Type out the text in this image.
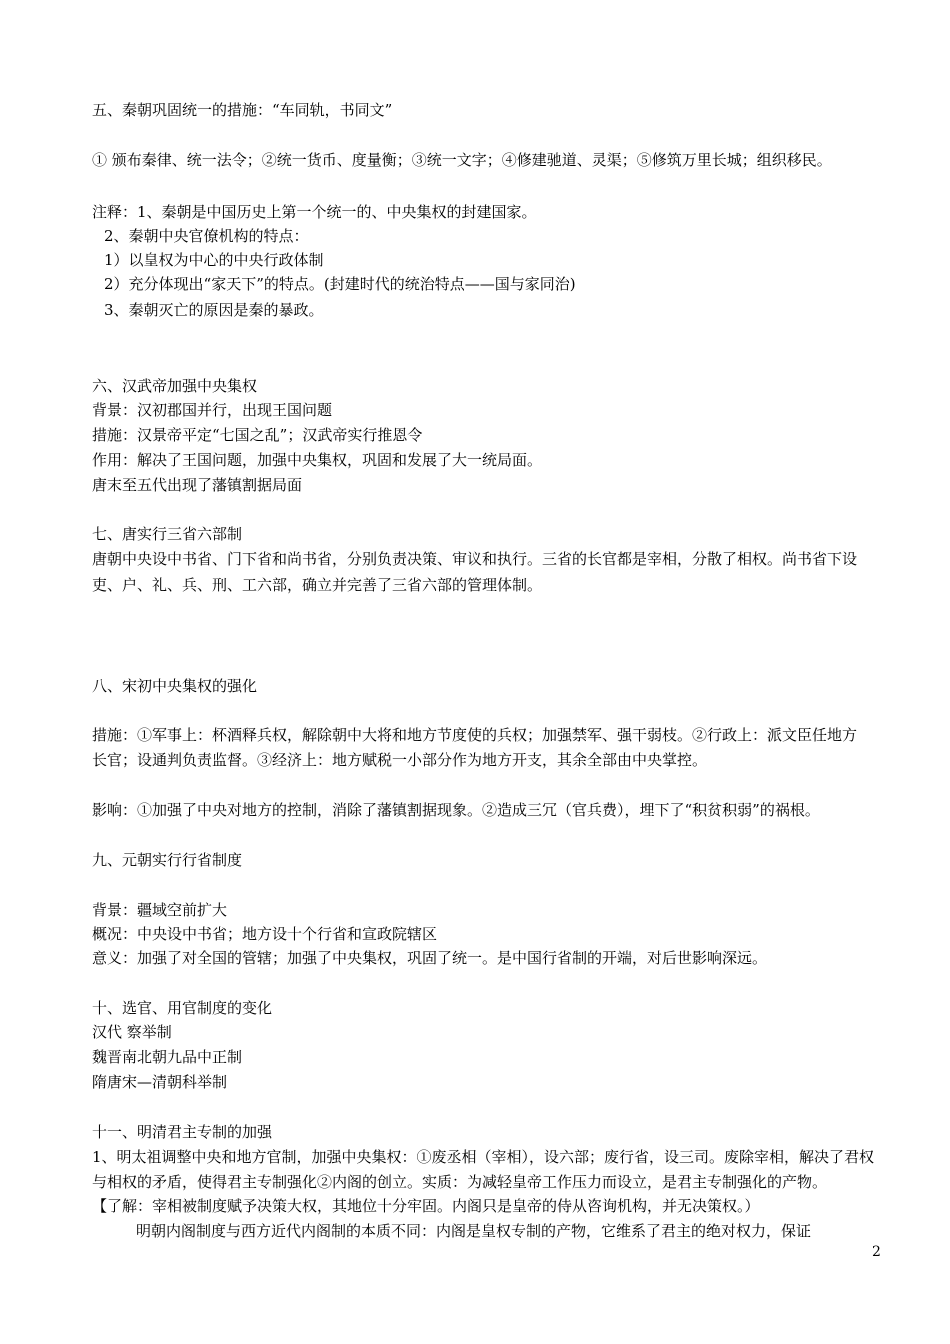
五、秦朝巩固统一的措施：“车同轨，书同文”
① 颁布秦律、统一法令；②统一货币、度量衡；③统一文字；④修建驰道、灵渠；⑤修筑万里长城；组织移民。
注释：1、秦朝是中国历史上第一个统一的、中央集权的封建国家。
2、秦朝中央官僚机构的特点：
1）以皇权为中心的中央行政体制
2）充分体现出“家天下”的特点。(封建时代的统治特点——国与家同治)
3、秦朝灭亡的原因是秦的暴政。
六、汉武帝加强中央集权
背景：汉初郡国并行，出现王国问题
措施：汉景帝平定“七国之乱”；汉武帝实行推恩令
作用：解决了王国问题，加强中央集权，巩固和发展了大一统局面。
唐末至五代出现了藩镇割据局面
七、唐实行三省六部制
唐朝中央设中书省、门下省和尚书省，分别负责决策、审议和执行。三省的长官都是宰相，分散了相权。尚书省下设
吏、户、礼、兵、刑、工六部，确立并完善了三省六部的管理体制。
八、宋初中央集权的强化
措施：①军事上：杯酒释兵权，解除朝中大将和地方节度使的兵权；加强禁军、强干弱枝。②行政上：派文臣任地方
长官；设通判负责监督。③经济上：地方赋税一小部分作为地方开支，其余全部由中央掌控。
影响：①加强了中央对地方的控制，消除了藩镇割据现象。②造成三冗（官兵费），埋下了“积贫积弱”的祸根。
九、元朝实行行省制度
背景：疆域空前扩大
概况：中央设中书省；地方设十个行省和宣政院辖区
意义：加强了对全国的管辖；加强了中央集权，巩固了统一。是中国行省制的开端，对后世影响深远。
十、选官、用官制度的变化
汉代 察举制
魏晋南北朝九品中正制
隋唐宋—清朝科举制
十一、明清君主专制的加强
1、明太祖调整中央和地方官制，加强中央集权：①废丞相（宰相），设六部；废行省，设三司。废除宰相，解决了君权
与相权的矛盾，使得君主专制强化②内阁的创立。实质：为减轻皇帝工作压力而设立，是君主专制强化的产物。
【了解：宰相被制度赋予决策大权，其地位十分牢固。内阁只是皇帝的侍从咨询机构，并无决策权。）
明朝内阁制度与西方近代内阁制的本质不同：内阁是皇权专制的产物，它维系了君主的绝对权力，保证
2
